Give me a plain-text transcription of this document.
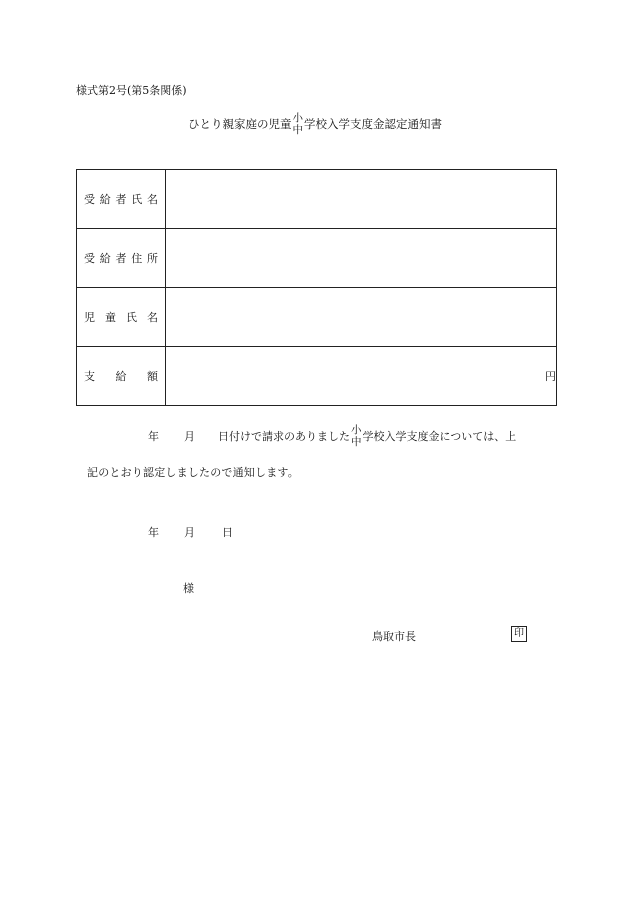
様式第2号(第5条関係)
ひとり親家庭の児童 小
中 学校入学支度金認定通知書
受 給 者 氏 名	

受 給 者 住 所	

児 童 氏 名	

支 給 額	円
年 月 日付けで請求のありました 小
中 学校入学支度金については、上
記のとおり認定しましたので通知します。
年 月 日
様
鳥取市長	印
